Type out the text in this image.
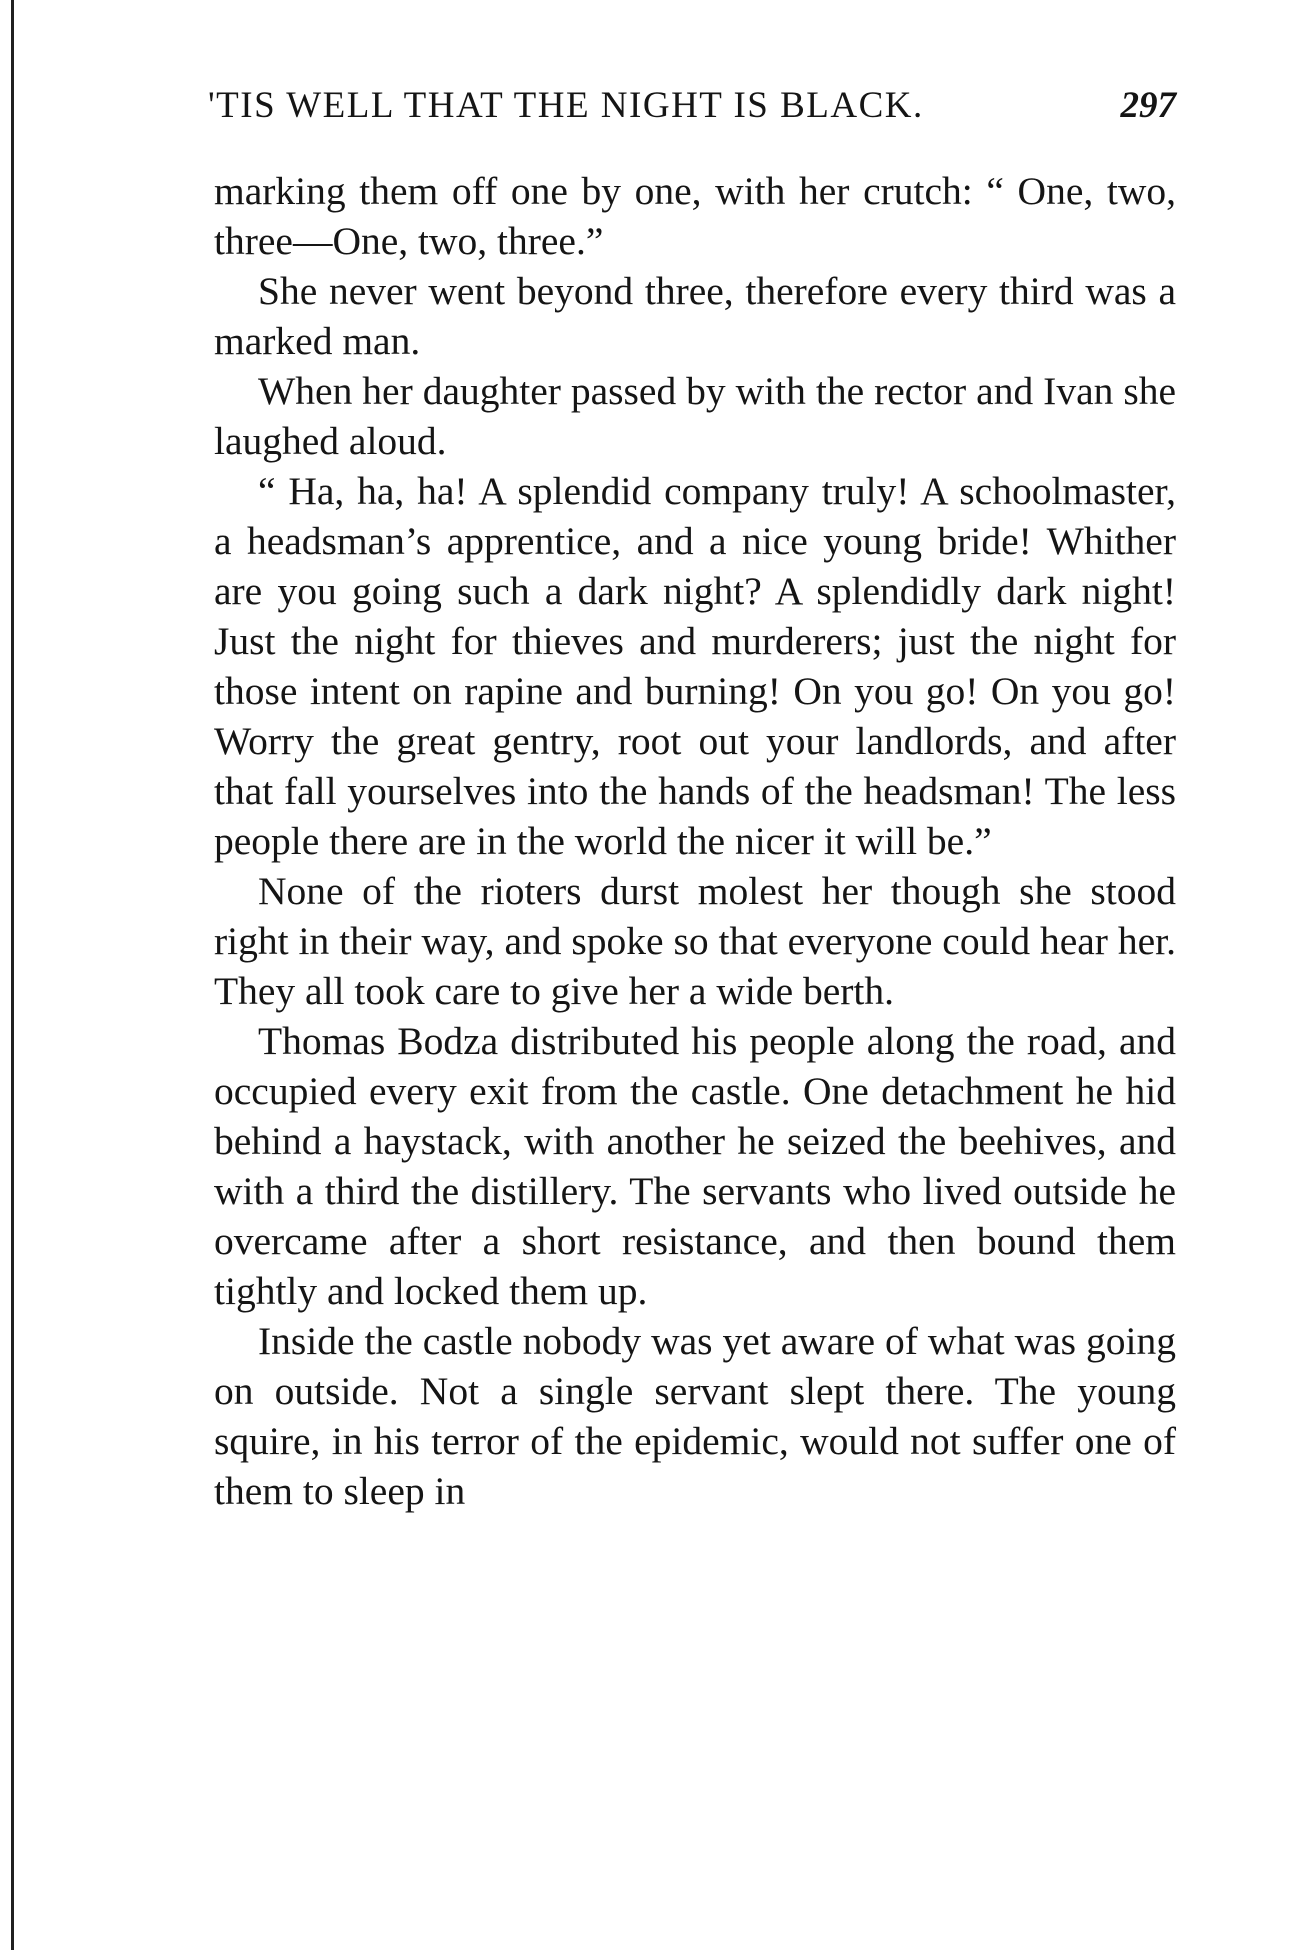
'TIS WELL THAT THE NIGHT IS BLACK.	297

marking them off one by one, with her crutch: “ One, two, three—One, two, three.”

She never went beyond three, therefore every third was a marked man.

When her daughter passed by with the rector and Ivan she laughed aloud.

“ Ha, ha, ha! A splendid company truly! A schoolmaster, a headsman’s apprentice, and a nice young bride! Whither are you going such a dark night? A splendidly dark night! Just the night for thieves and murderers; just the night for those intent on rapine and burning! On you go! On you go! Worry the great gentry, root out your landlords, and after that fall yourselves into the hands of the headsman! The less people there are in the world the nicer it will be.”

None of the rioters durst molest her though she stood right in their way, and spoke so that everyone could hear her. They all took care to give her a wide berth.

Thomas Bodza distributed his people along the road, and occupied every exit from the castle. One detachment he hid behind a haystack, with another he seized the beehives, and with a third the distillery. The servants who lived outside he overcame after a short resistance, and then bound them tightly and locked them up.

Inside the castle nobody was yet aware of what was going on outside. Not a single servant slept there. The young squire, in his terror of the epidemic, would not suffer one of them to sleep in
